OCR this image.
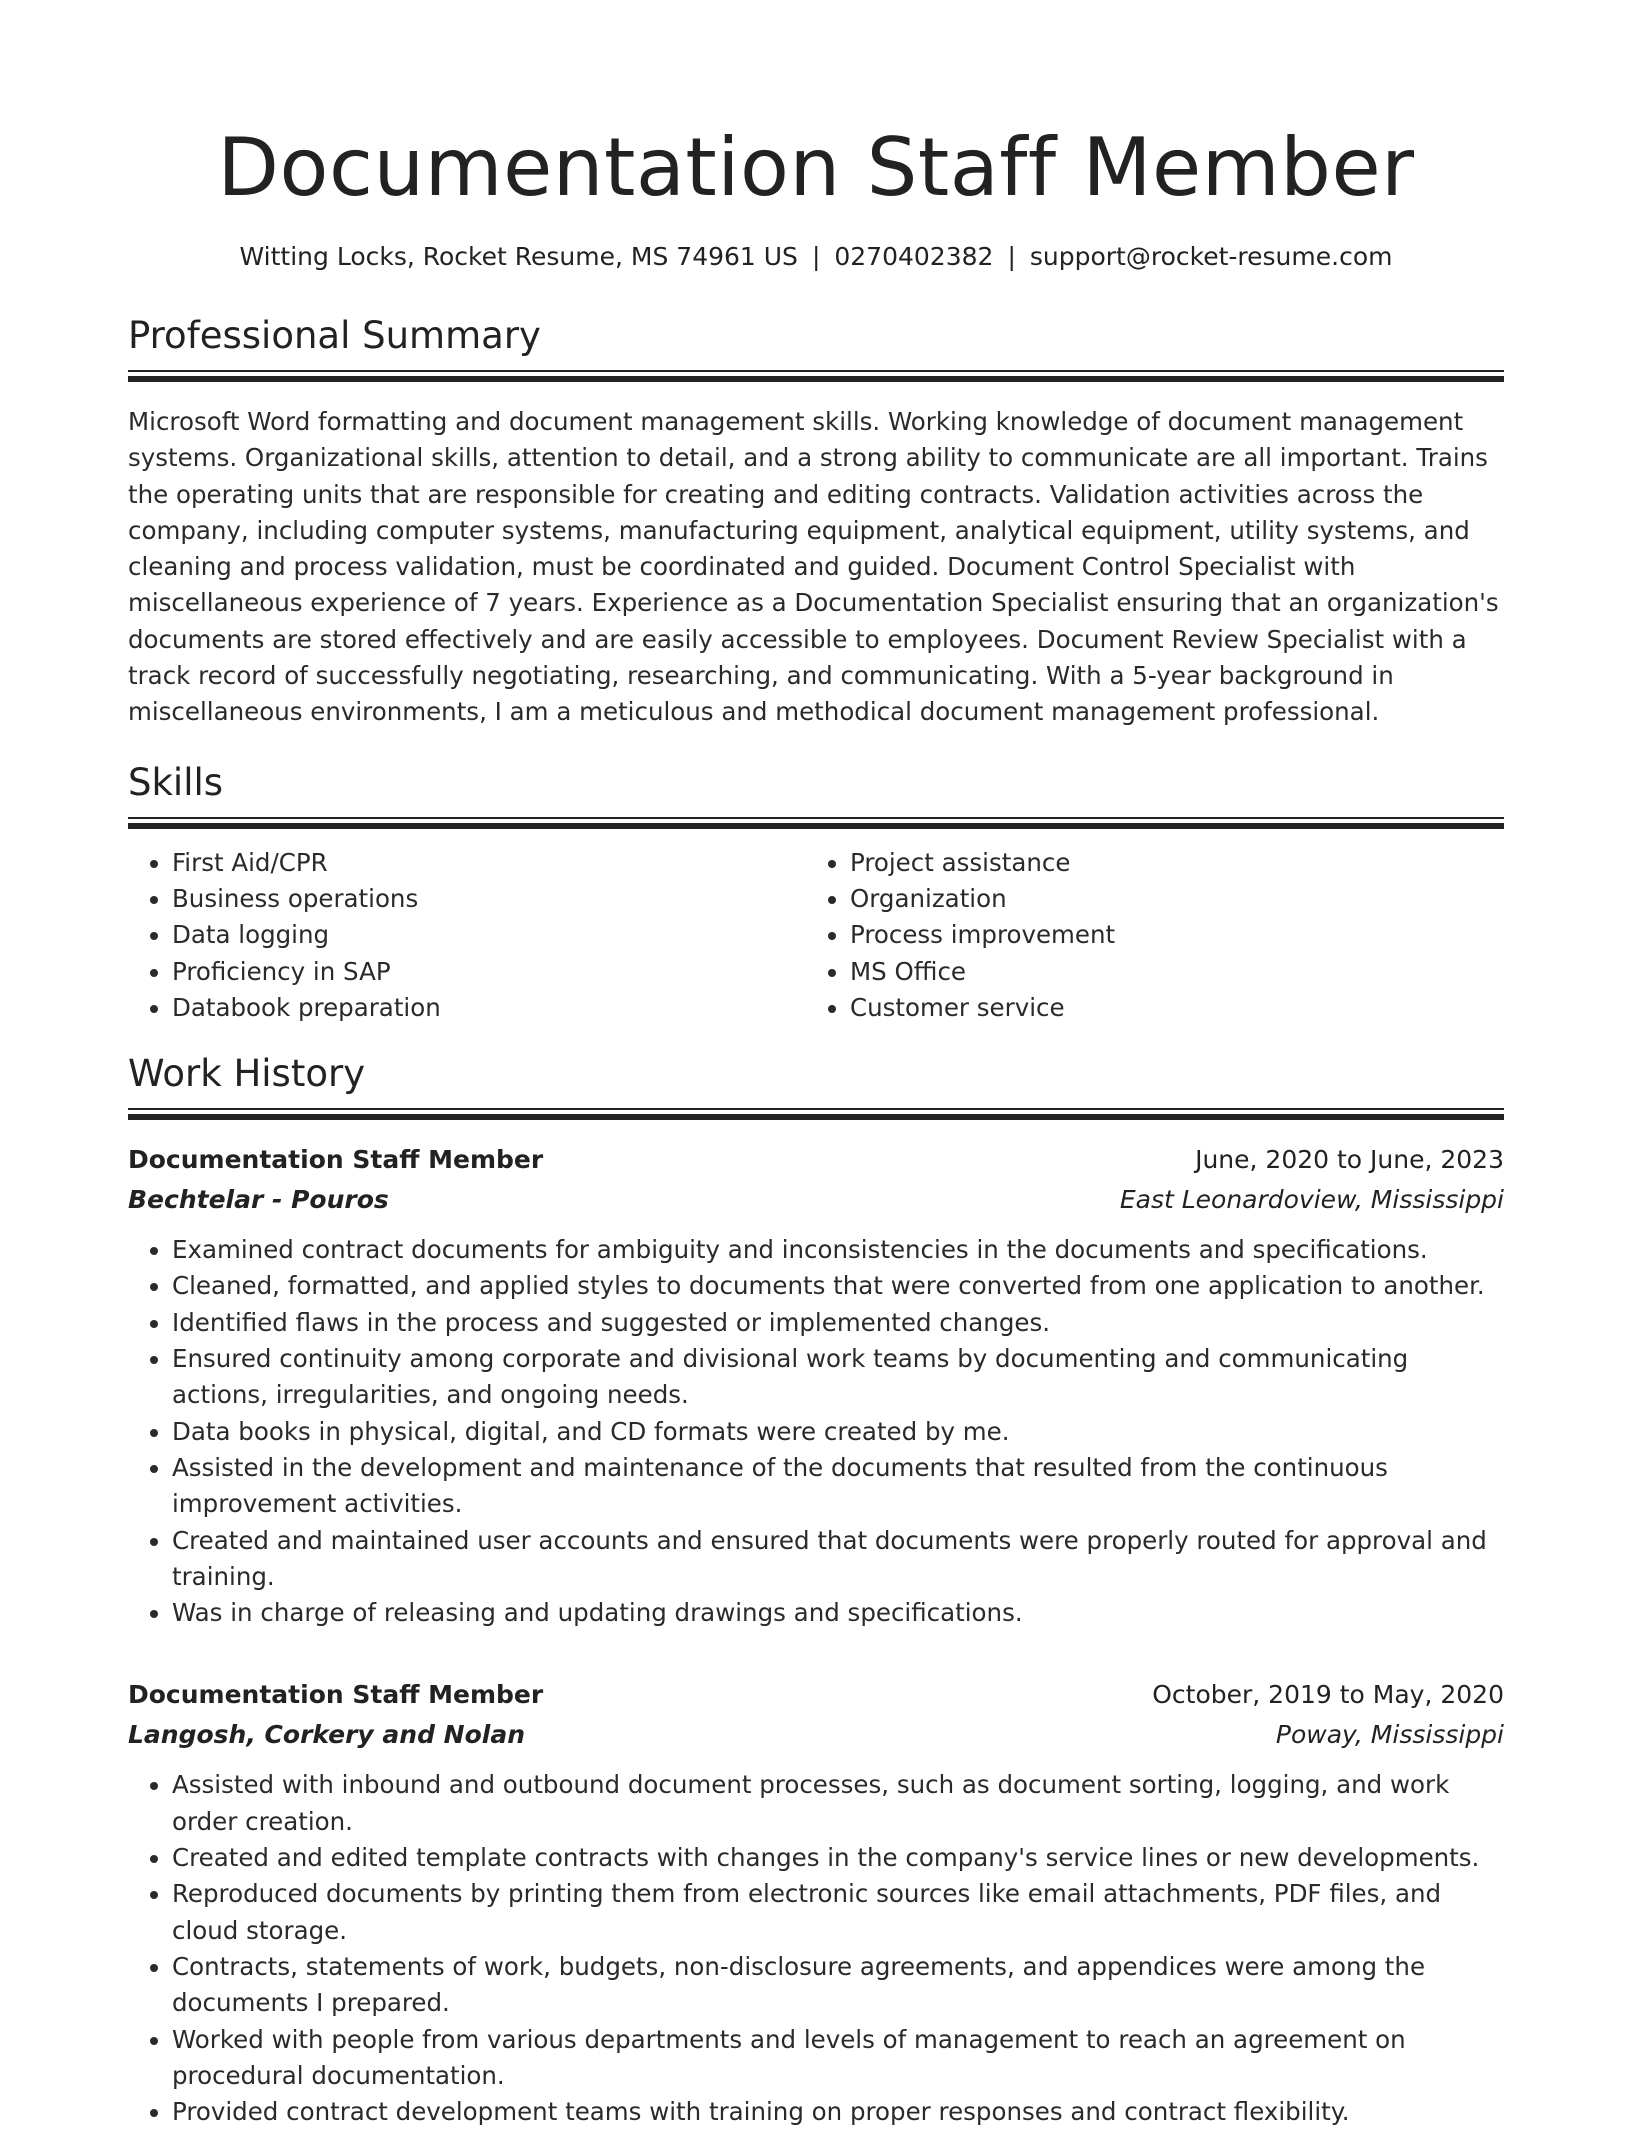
Documentation Staff Member
Witting Locks, Rocket Resume, MS 74961 US | 0270402382 | support@rocket-resume.com
Professional Summary

Microsoft Word formatting and document management skills. Working knowledge of document management systems. Organizational skills, attention to detail, and a strong ability to communicate are all important. Trains the operating units that are responsible for creating and editing contracts. Validation activities across the company, including computer systems, manufacturing equipment, analytical equipment, utility systems, and cleaning and process validation, must be coordinated and guided. Document Control Specialist with miscellaneous experience of 7 years. Experience as a Documentation Specialist ensuring that an organization's documents are stored effectively and are easily accessible to employees. Document Review Specialist with a track record of successfully negotiating, researching, and communicating. With a 5-year background in miscellaneous environments, I am a meticulous and methodical document management professional.

Skills
• First Aid/CPR
• Business operations
• Data logging
• Proficiency in SAP
• Databook preparation
• Project assistance
• Organization
• Process improvement
• MS Office
• Customer service
Work History
Documentation Staff Member	June, 2020 to June, 2023
Bechtelar - Pouros	East Leonardoview, Mississippi
• Examined contract documents for ambiguity and inconsistencies in the documents and specifications.
• Cleaned, formatted, and applied styles to documents that were converted from one application to another.
• Identified flaws in the process and suggested or implemented changes.
• Ensured continuity among corporate and divisional work teams by documenting and communicating actions, irregularities, and ongoing needs.
• Data books in physical, digital, and CD formats were created by me.
• Assisted in the development and maintenance of the documents that resulted from the continuous improvement activities.
• Created and maintained user accounts and ensured that documents were properly routed for approval and training.
• Was in charge of releasing and updating drawings and specifications.
Documentation Staff Member	October, 2019 to May, 2020
Langosh, Corkery and Nolan	Poway, Mississippi
• Assisted with inbound and outbound document processes, such as document sorting, logging, and work order creation.
• Created and edited template contracts with changes in the company's service lines or new developments.
• Reproduced documents by printing them from electronic sources like email attachments, PDF files, and cloud storage.
• Contracts, statements of work, budgets, non-disclosure agreements, and appendices were among the documents I prepared.
• Worked with people from various departments and levels of management to reach an agreement on procedural documentation.
• Provided contract development teams with training on proper responses and contract flexibility.
